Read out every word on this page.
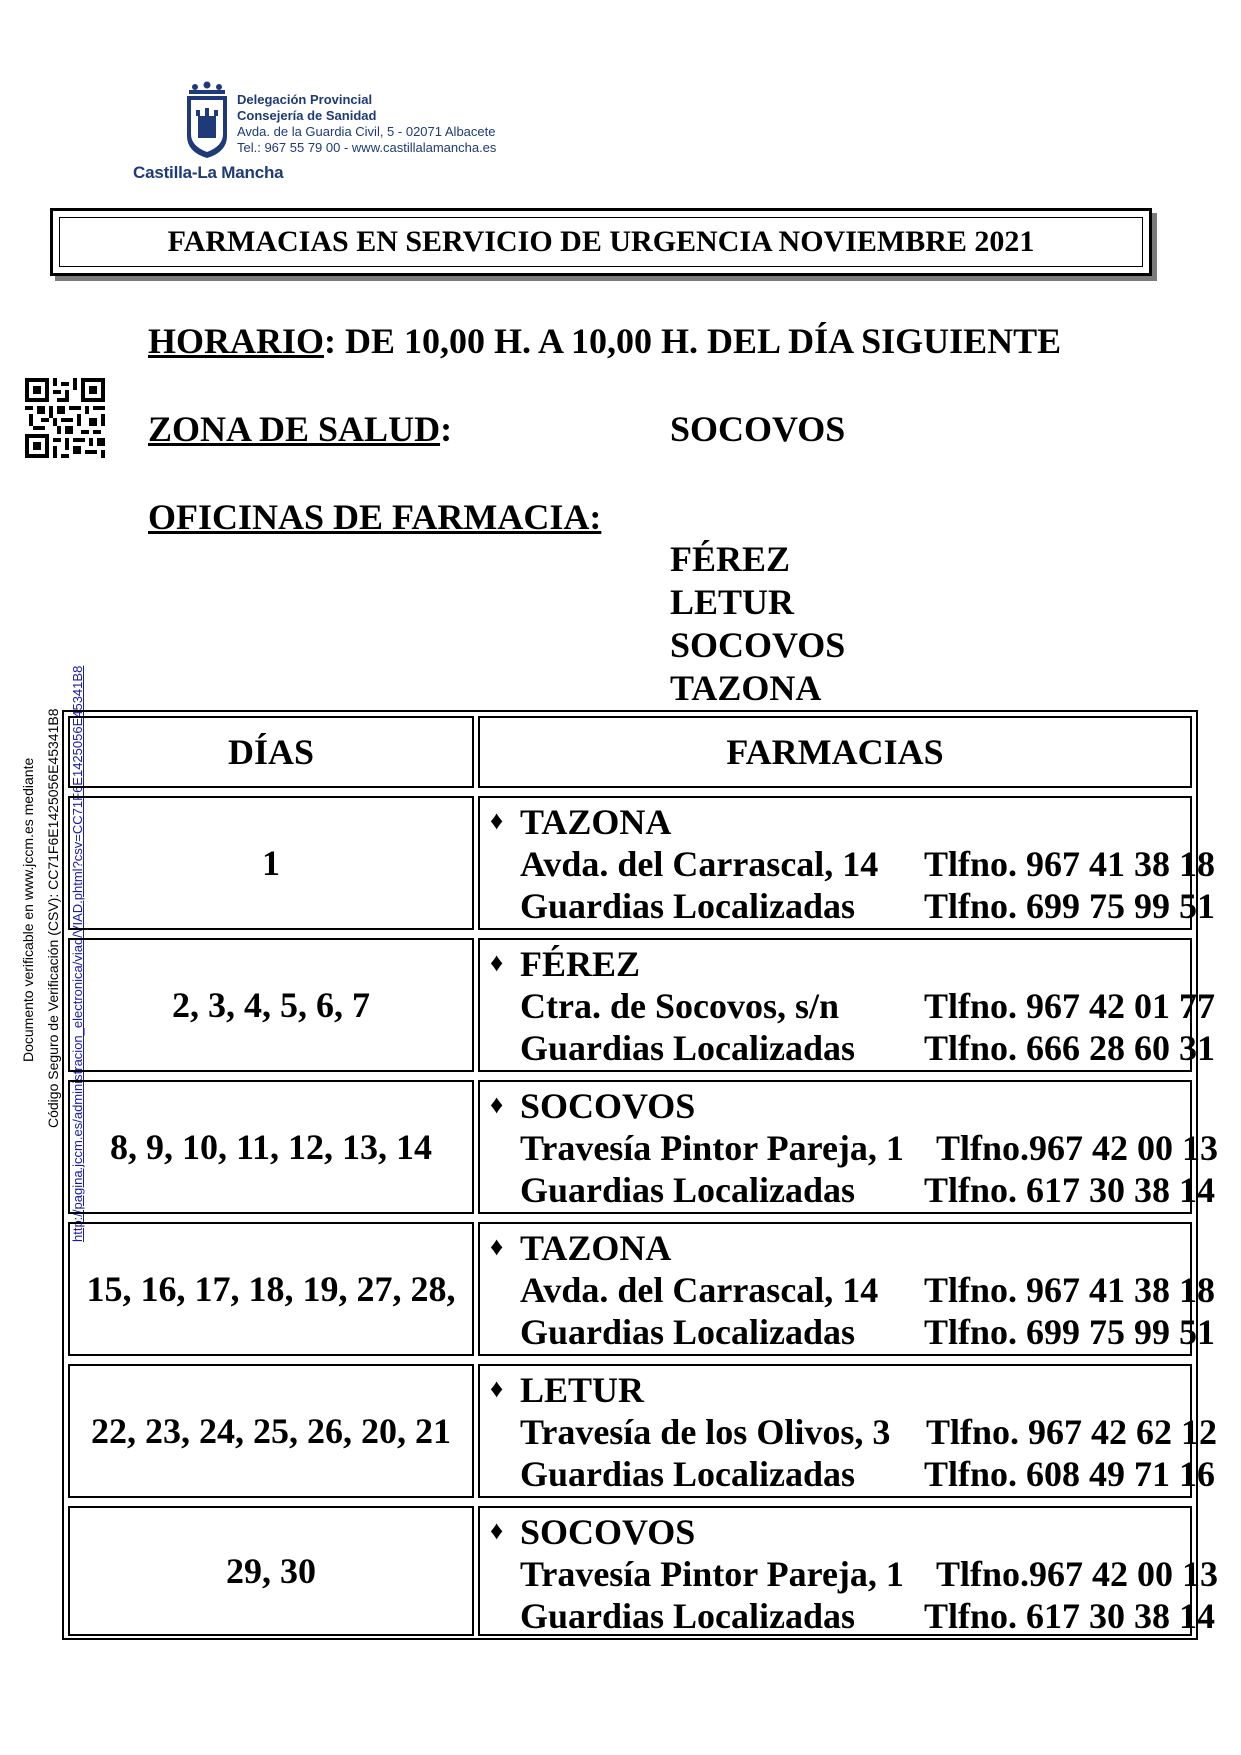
Delegación Provincial
Consejería de Sanidad
Avda. de la Guardia Civil, 5 - 02071 Albacete
Tel.: 967 55 79 00 - www.castillalamancha.es
Castilla-La Mancha
FARMACIAS EN SERVICIO DE URGENCIA NOVIEMBRE 2021
HORARIO: DE 10,00 H. A 10,00 H. DEL DÍA SIGUIENTE
ZONA DE SALUD:	SOCOVOS
OFICINAS DE FARMACIA:
FÉREZ
LETUR
SOCOVOS
TAZONA
Documento verificable en www.jccm.es mediante Código Seguro de Verificación (CSV): CC71F6E1425056E45341B8 http://pagina.jccm.es/administracion_electronica/viad/VIAD.phtml?csv=CC71F6E1425056E45341B8	DÍAS	FARMACIAS
1
♦ TAZONA
Avda. del Carrascal, 14 Tlfno. 967 41 38 18
Guardias Localizadas Tlfno. 699 75 99 51
2, 3, 4, 5, 6, 7
♦ FÉREZ
Ctra. de Socovos, s/n Tlfno. 967 42 01 77
Guardias Localizadas Tlfno. 666 28 60 31
8, 9, 10, 11, 12, 13, 14
♦ SOCOVOS
Travesía Pintor Pareja, 1 Tlfno.967 42 00 13
Guardias Localizadas Tlfno. 617 30 38 14
15, 16, 17, 18, 19, 27, 28,
♦ TAZONA
Avda. del Carrascal, 14 Tlfno. 967 41 38 18
Guardias Localizadas Tlfno. 699 75 99 51
22, 23, 24, 25, 26, 20, 21
♦ LETUR
Travesía de los Olivos, 3 Tlfno. 967 42 62 12
Guardias Localizadas Tlfno. 608 49 71 16
29, 30
♦ SOCOVOS
Travesía Pintor Pareja, 1 Tlfno.967 42 00 13
Guardias Localizadas Tlfno. 617 30 38 14
